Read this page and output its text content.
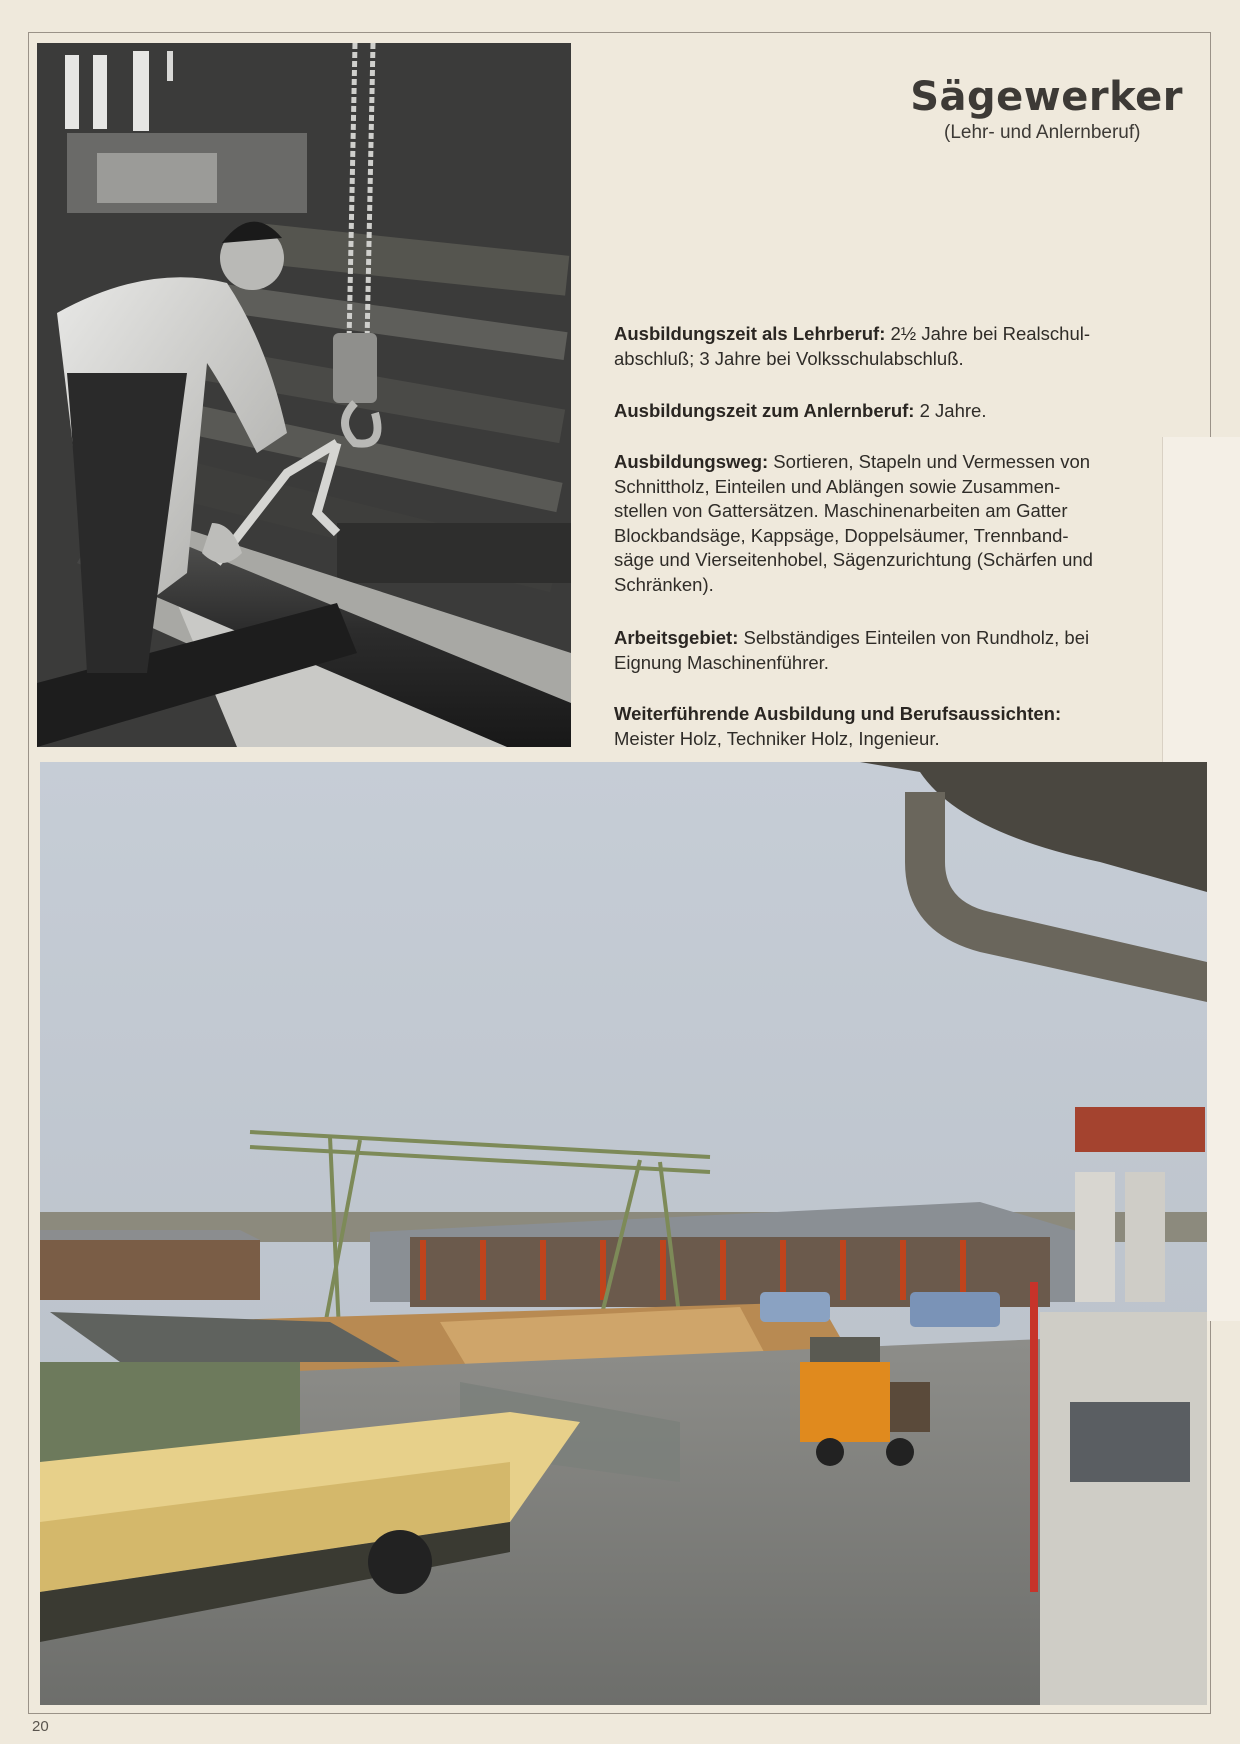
Sägewerker
(Lehr- und Anlernberuf)
Ausbildungszeit als Lehrberuf: 2½ Jahre bei Realschul-
abschluß; 3 Jahre bei Volksschulabschluß.
Ausbildungszeit zum Anlernberuf: 2 Jahre.
Ausbildungsweg: Sortieren, Stapeln und Vermessen von
Schnittholz, Einteilen und Ablängen sowie Zusammen-
stellen von Gattersätzen. Maschinenarbeiten am Gatter
Blockbandsäge, Kappsäge, Doppelsäumer, Trennband-
säge und Vierseitenhobel, Sägenzurichtung (Schärfen und
Schränken).
Arbeitsgebiet: Selbständiges Einteilen von Rundholz, bei
Eignung Maschinenführer.
Weiterführende Ausbildung und Berufsaussichten:
Meister Holz, Techniker Holz, Ingenieur.
20
